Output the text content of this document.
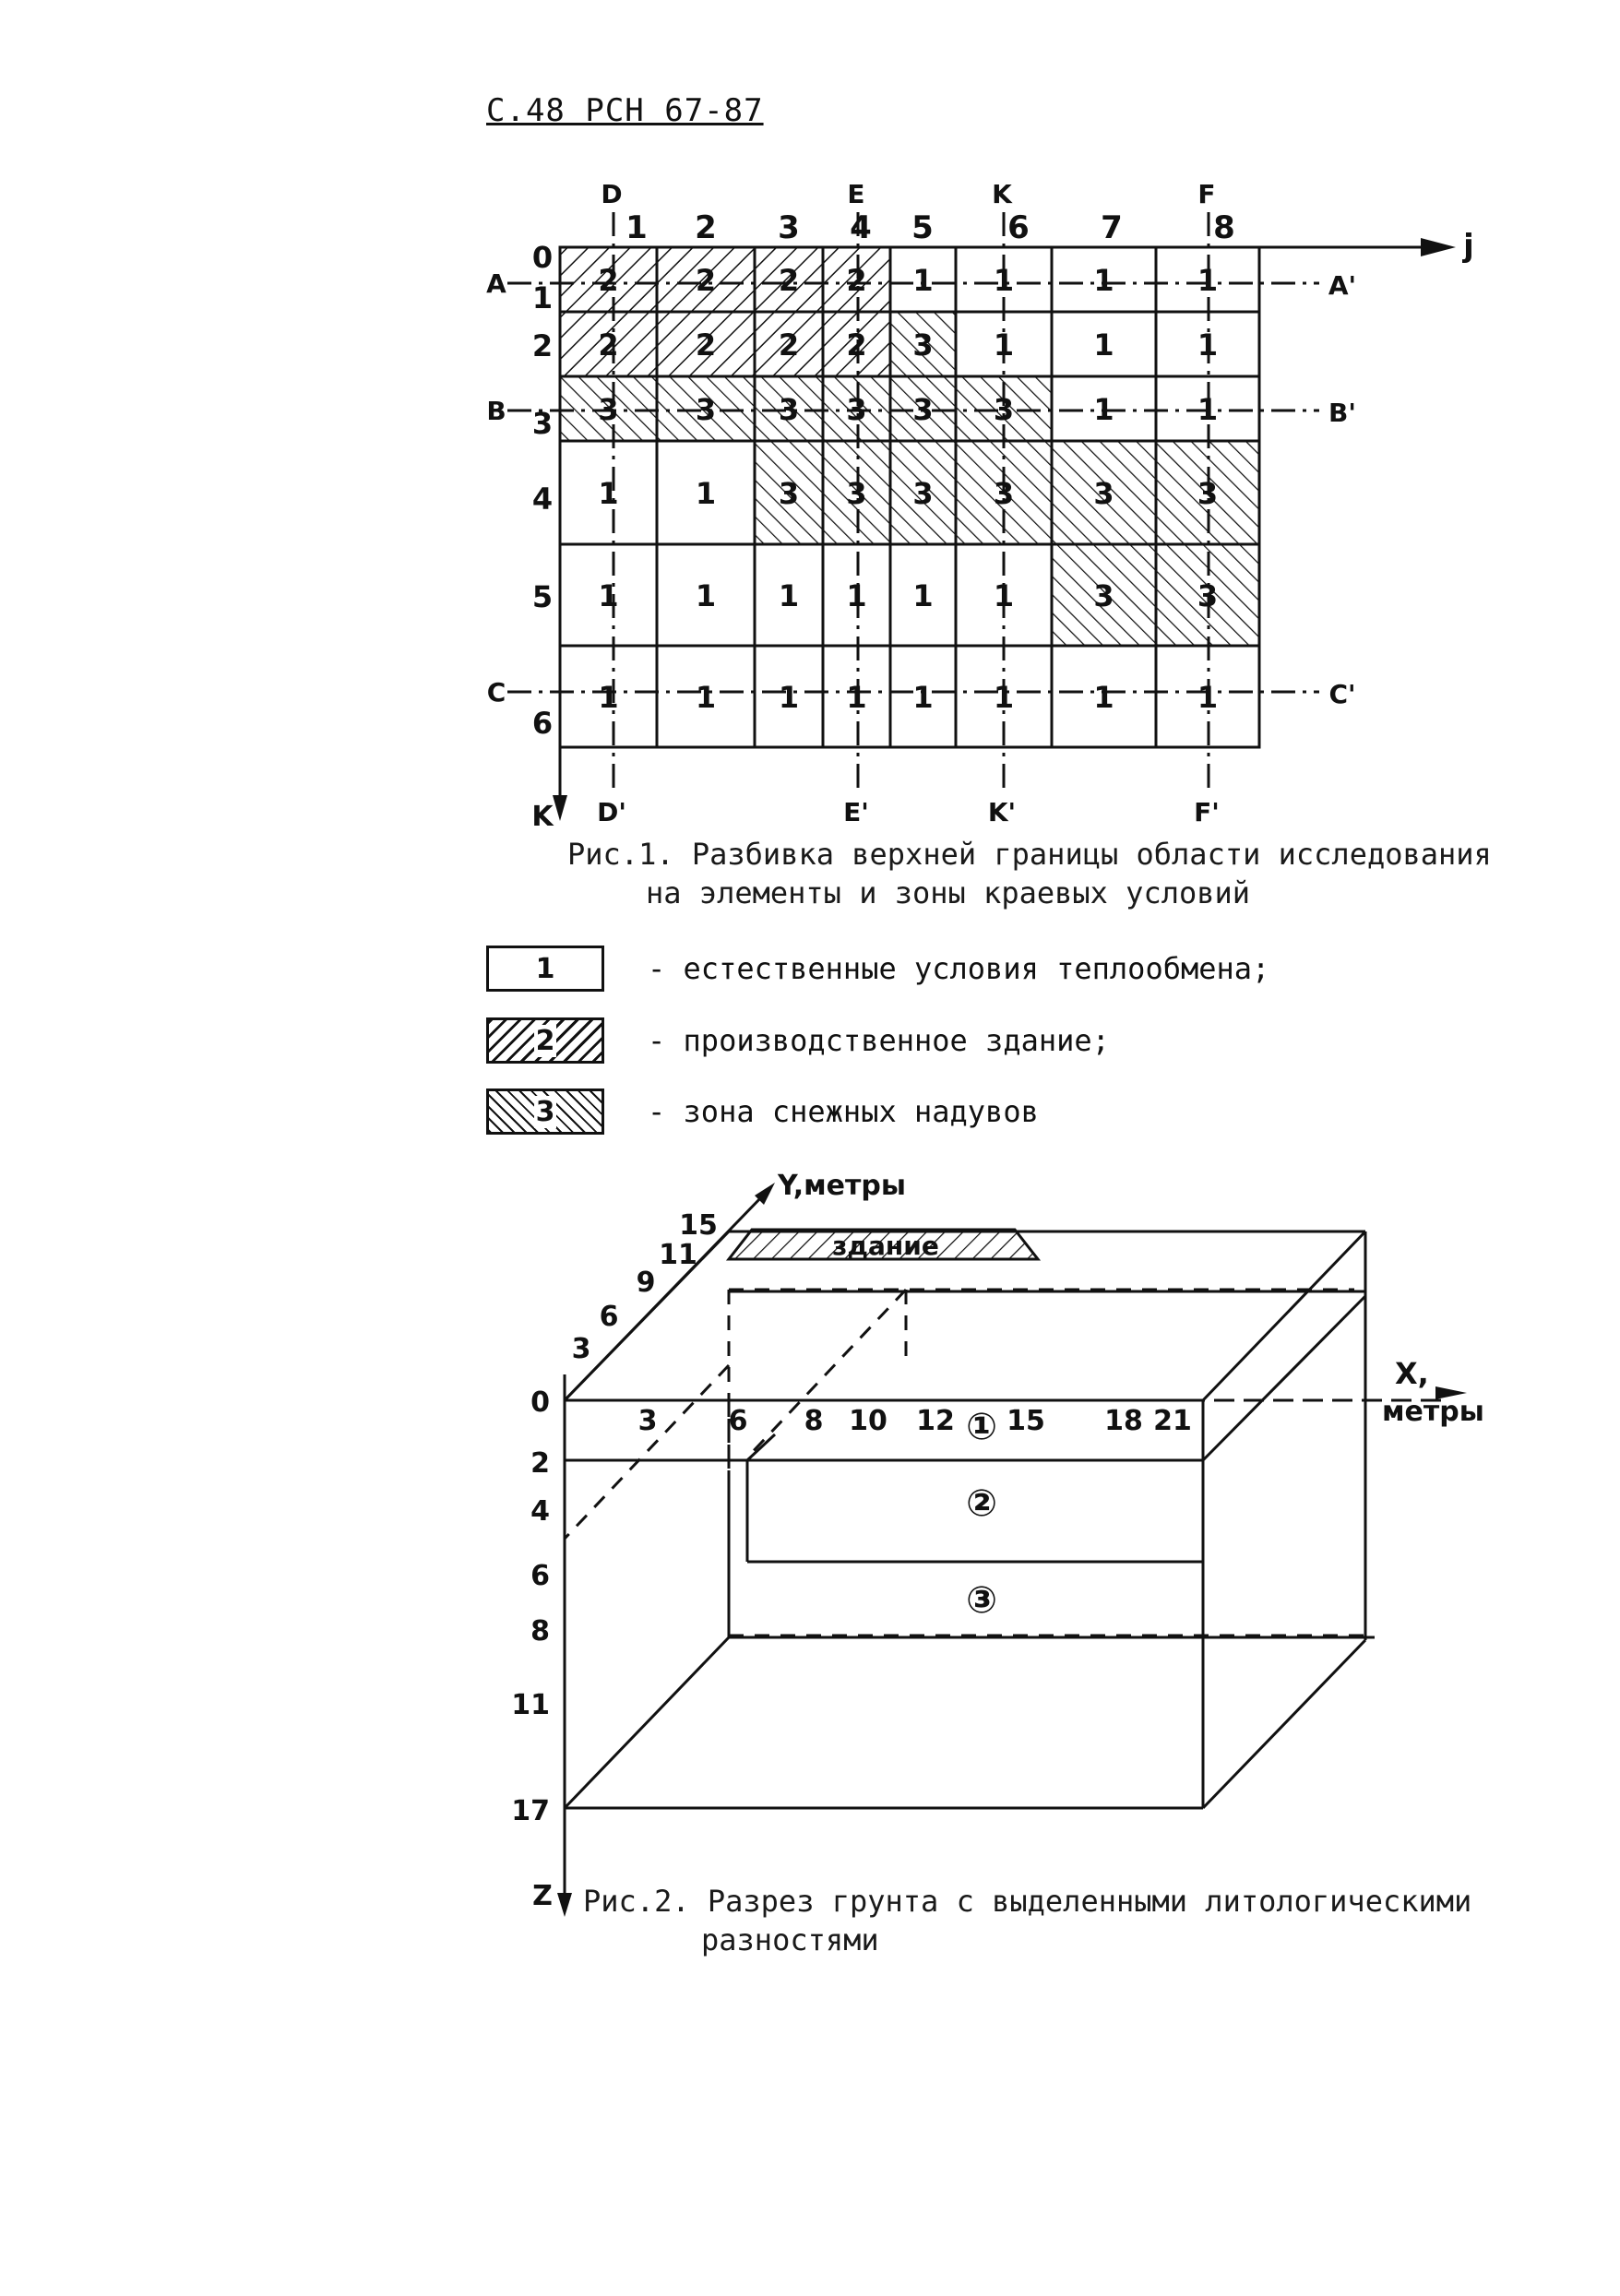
С.48 РСН 67-87
2	2 2 2 1 1	1	1
2	2 2 2 3 1	1	1
3	3 3 3 3 3	1	1
1	1 3 3 3 3	3	3
1	1 1 1 1 1	3	3
1	1 1 1 1 1	1	1
j
K
1 2 3 4 5 6 7	8
0
1
2
3
4
5
6
D
D'
E
E'
K
K'
F
F'
A	A'
B	B'
C	C'
Рис.1. Разбивка верхней границы области исследования
на элементы и зоны краевых условий
1	- естественные условия теплообмена;
2	- производственное здание;
3	- зона снежных надувов
здание
Y,метры
3
6
9
11
15
X,
метры
3	6 8 10 12 15 18 21
0
2
4
6
8
11
17
Z
①
②
③
Рис.2. Разрез грунта с выделенными литологическими
разностями
